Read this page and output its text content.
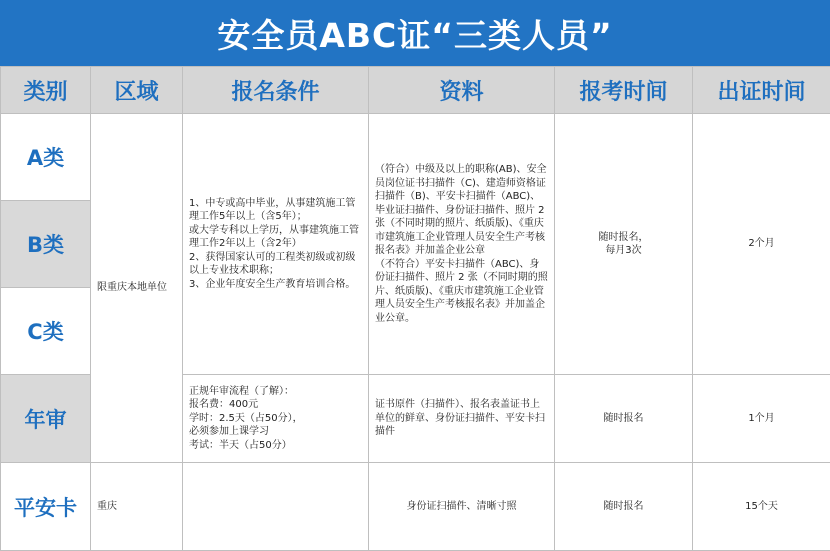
安全员ABC证“三类人员”
类别	区域	报名条件	资料	报考时间	出证时间
A类	限重庆本地单位	1、中专或高中毕业，从事建筑施工管理工作5年以上（含5年）；
或大学专科以上学历，从事建筑施工管理工作2年以上（含2年）
2、获得国家认可的工程类初级或初级以上专业技术职称；
3、企业年度安全生产教育培训合格。	（符合）中级及以上的职称(AB)、安全员岗位证书扫描件（C)、建造师资格证扫描件（B)、平安卡扫描件（ABC)、毕业证扫描件、身份证扫描件、照片 2 张（不同时期的照片、纸质版)、《重庆市建筑施工企业管理人员安全生产考核报名表》并加盖企业公章
（不符合）平安卡扫描件（ABC)、身份证扫描件、照片 2 张（不同时期的照片、纸质版)、《重庆市建筑施工企业管理人员安全生产考核报名表》并加盖企业公章。	随时报名，
每月3次	2个月
B类					
C类					
年审		正规年审流程（了解）：
报名费：400元
学时：2.5天（占50分），
必须参加上课学习
考试：半天（占50分）	证书原件（扫描件）、报名表盖证书上单位的鲜章、身份证扫描件、平安卡扫描件	随时报名	1个月
平安卡	重庆		身份证扫描件、清晰寸照	随时报名	15个天
